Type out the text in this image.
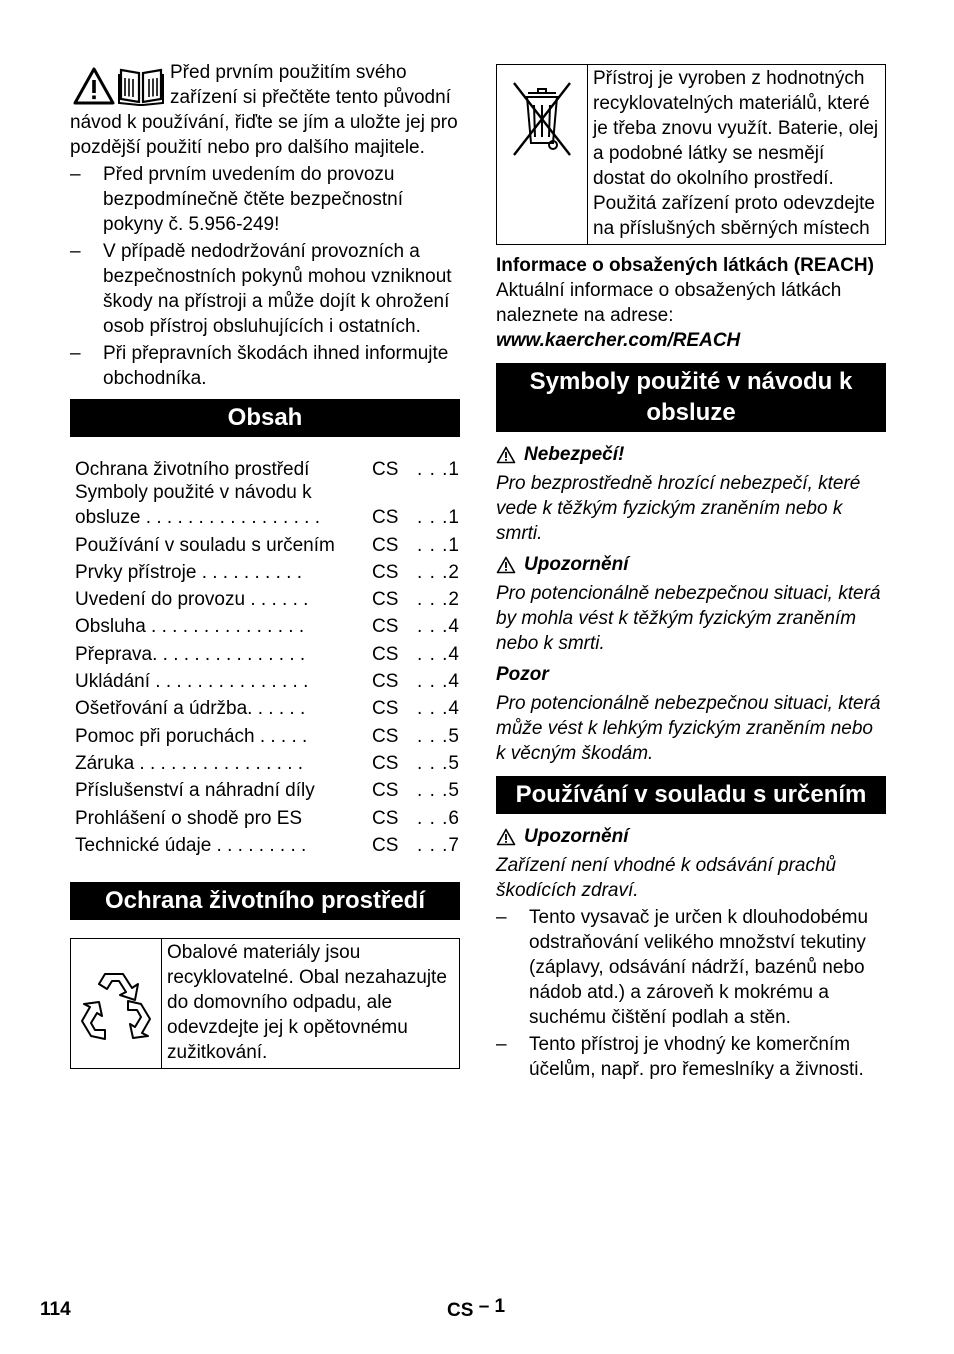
Před prvním použitím svého zařízení si přečtěte tento původní návod k používání, řiďte se jím a uložte jej pro pozdější použití nebo pro dalšího majitele.

– Před prvním uvedením do provozu bezpodmínečně čtěte bezpečnostní pokyny č. 5.956-249!
– V případě nedodržování provozních a bezpečnostních pokynů mohou vzniknout škody na přístroji a může dojít k ohrožení osob přístroj obsluhujících i ostatních.
– Při přepravních škodách ihned informujte obchodníka.
Obsah
Ochrana životního prostředí	CS . . .1
Symboly použité v návodu k obsluze . . . . . . . . . . . . . . . . .	CS . . .1
Používání v souladu s určením	CS . . .1
Prvky přístroje . . . . . . . . . .	CS . . .2
Uvedení do provozu . . . . . .	CS . . .2
Obsluha . . . . . . . . . . . . . . .	CS . . .4
Přeprava. . . . . . . . . . . . . . .	CS . . .4
Ukládání . . . . . . . . . . . . . . .	CS . . .4
Ošetřování a údržba. . . . . .	CS . . .4
Pomoc při poruchách . . . . .	CS . . .5
Záruka . . . . . . . . . . . . . . . .	CS . . .5
Příslušenství a náhradní díly	CS . . .5
Prohlášení o shodě pro ES	CS . . .6
Technické údaje . . . . . . . . .	CS . . .7
Ochrana životního prostředí
Obalové materiály jsou recyklovatelné. Obal nezahazujte do domovního odpadu, ale odevzdejte jej k opětovnému zužitkování.
Přístroj je vyroben z hodnotných recyklovatelných materiálů, které je třeba znovu využít. Baterie, olej a podobné látky se nesmějí dostat do okolního prostředí. Použitá zařízení proto odevzdejte na příslušných sběrných místech

Informace o obsažených látkách (REACH)

Aktuální informace o obsažených látkách naleznete na adrese:

www.kaercher.com/REACH

Symboly použité v návodu k obsluze
Nebezpečí!

Pro bezprostředně hrozící nebezpečí, které vede k těžkým fyzickým zraněním nebo k smrti.

Upozornění

Pro potencionálně nebezpečnou situaci, která by mohla vést k těžkým fyzickým zraněním nebo k smrti.

Pozor

Pro potencionálně nebezpečnou situaci, která může vést k lehkým fyzickým zraněním nebo k věcným škodám.

Používání v souladu s určením
Upozornění

Zařízení není vhodné k odsávání prachů škodících zdraví.

– Tento vysavač je určen k dlouhodobému odstraňování velikého množství tekutiny (záplavy, odsávání nádrží, bazénů nebo nádob atd.) a zároveň k mokrému a suchému čištění podlah a stěn.
– Tento přístroj je vhodný ke komerčním účelům, např. pro řemeslníky a živnosti.
114	CS – 1
